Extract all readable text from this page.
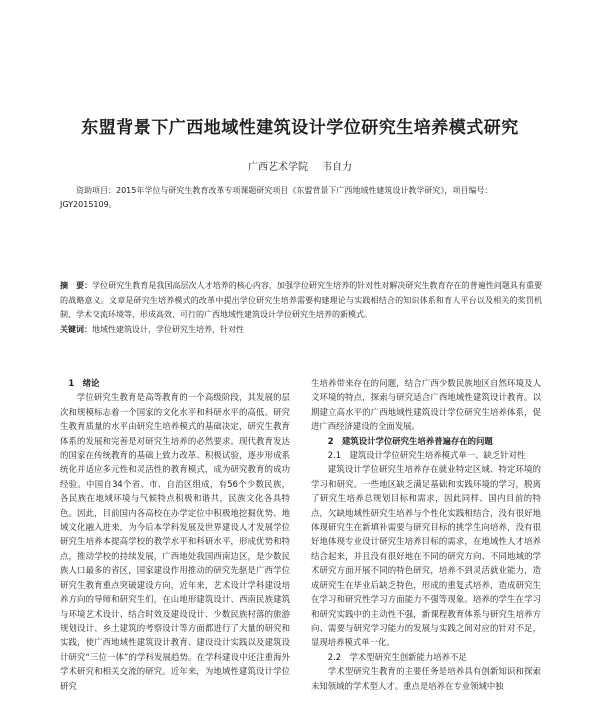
东盟背景下广西地域性建筑设计学位研究生培养模式研究
广西艺术学院 韦自力
资助项目：2015年学位与研究生教育改革专项课题研究项目《东盟背景下广西地域性建筑设计教学研究》，项目编号：JGY2015109。
摘　要：学位研究生教育是我国高层次人才培养的核心内容，加强学位研究生培养的针对性对解决研究生教育存在的普遍性问题具有重要的战略意义。文章是研究生培养模式的改革中提出学位研究生培养需要构建理论与实践相结合的知识体系和育人平台以及相关的奖罚机制、学术交流环境等，形成高效、可行的广西地域性建筑设计学位研究生培养的新模式。
关键词：地域性建筑设计，学位研究生培养，针对性

1　绪论

学位研究生教育是高等教育的一个高级阶段，其发展的层次和规模标志着一个国家的文化水平和科研水平的高低。研究生教育质量的水平由研究生培养模式的基础决定，研究生教育体系的发展和完善是对研究生培养的必然要求。现代教育发达的国家在传统教育的基础上致力改革、积极试验，逐步形成系统化并适应多元性和灵活性的教育模式，成为研究教育的成功经验。中国自34个省、市、自治区组成，有56个少数民族，各民族在地域环境与气候特点积极和谐共，民族文化各具特色。因此，目前国内各高校在办学定位中积极地挖掘优势、地域文化融入进来，为今后本学科发展及世界建设人才发展学位研究生培养本提高学校的教学水平和科研水平，形成优势和特点，推动学校的持续发展，广西地处我国西南边区，是少数民族人口最多的省区，国家建设作用推动的研究先驱是广西学位研究生教育重点突破建设方向，近年来，艺术设计学科建设培养方向的导师和研究生们，在山地形建筑设计、西南民族建筑与环境艺术设计、结合时效及建设设计、少数民族村落的旅游规划设计、乡土建筑的考察设计等方面都进行了大量的研究和实践，使广西地域性建筑设计教育、建设设计实践以及建筑设计研究“三位一体”的学科发展趋势。在学科建设中还注重海外学术研究和相关交流的研究。近年来，为地域性建筑设计学位研究

生培养带来存在的问题，结合广西少数民族地区自然环境及人文环境的特点，探索与研究适合广西地域性建筑设计教育。以期建立高水平的广西地域性建筑设计学位研究生培养体系，促进广西经济建设的全面发展。

2　建筑设计学位研究生培养普遍存在的问题

2.1　建筑设计学位研究生培养模式单一、缺乏针对性

建筑设计学位研究生培养存在就业特定区域、特定环境的学习和研究。一些地区缺乏满足基础和实践环境的学习，脱离了研究生培养总规划目标和需求，因此同样、国内目前的特点，欠缺地域性研究生培养与个性化实践相结合，没有很好地体现研究生在新填补需要与研究目标的挑学生向培养，没有很好地体现专业设计研究生培养目标的需求，在地域性人才培养结合起来，并且没有很好地在不同的研究方向、不同地域的学术研究方面开展不同的特色研究，培养不到灵活就业能力，造成研究生在毕业后缺乏特色，形成的重复式培养，造成研究生在学习和研究性学习方面能力不强等现象。培养的学生在学习和研究实践中的主动性不强，新课程教育体系与研究生培养方向、需要与研究学习能力的发展与实践之间对应的针对不足，显现培养模式单一化。

2.2　学术型研究生创新能力培养不足

学术型研究生教育的主要任务是培养具有创新知识和探索未知领域的学术型人才。重点是培养在专业领域中独
